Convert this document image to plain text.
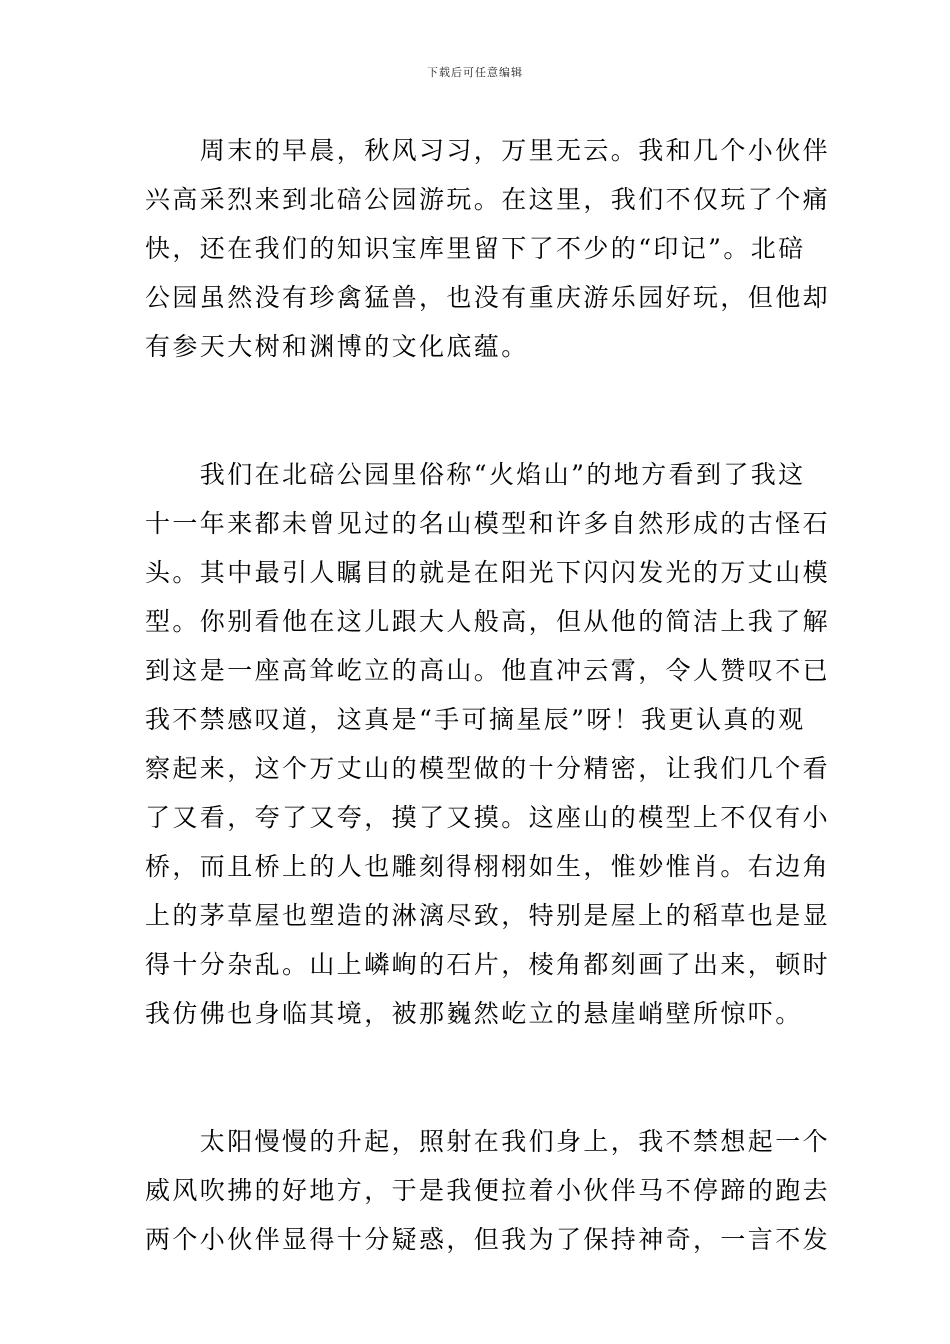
下载后可任意编辑
　　周末的早晨，秋风习习，万里无云。我和几个小伙伴
兴高采烈来到北碚公园游玩。在这里，我们不仅玩了个痛
快，还在我们的知识宝库里留下了不少的“印记”。北碚
公园虽然没有珍禽猛兽，也没有重庆游乐园好玩，但他却
有参天大树和渊博的文化底蕴。
　　我们在北碚公园里俗称“火焰山”的地方看到了我这
十一年来都未曾见过的名山模型和许多自然形成的古怪石
头。其中最引人瞩目的就是在阳光下闪闪发光的万丈山模
型。你别看他在这儿跟大人般高，但从他的简洁上我了解
到这是一座高耸屹立的高山。他直冲云霄，令人赞叹不已
我不禁感叹道，这真是“手可摘星辰”呀！我更认真的观
察起来，这个万丈山的模型做的十分精密，让我们几个看
了又看，夸了又夸，摸了又摸。这座山的模型上不仅有小
桥，而且桥上的人也雕刻得栩栩如生，惟妙惟肖。右边角
上的茅草屋也塑造的淋漓尽致，特别是屋上的稻草也是显
得十分杂乱。山上嶙峋的石片，棱角都刻画了出来，顿时
我仿佛也身临其境，被那巍然屹立的悬崖峭壁所惊吓。
　　太阳慢慢的升起，照射在我们身上，我不禁想起一个
威风吹拂的好地方，于是我便拉着小伙伴马不停蹄的跑去
两个小伙伴显得十分疑惑，但我为了保持神奇，一言不发
